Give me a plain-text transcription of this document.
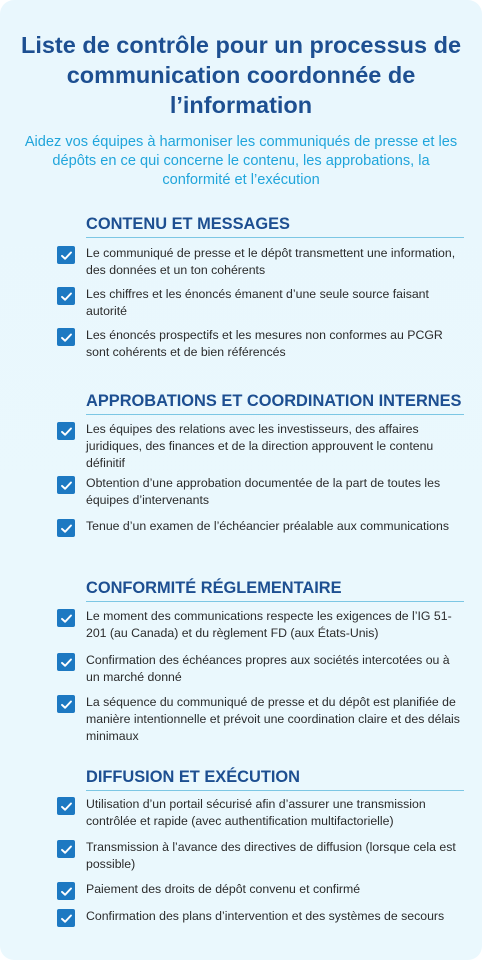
Liste de contrôle pour un processus de communication coordonnée de l’information

Aidez vos équipes à harmoniser les communiqués de presse et les dépôts en ce qui concerne le contenu, les approbations, la conformité et l’exécution

CONTENU ET MESSAGES
Le communiqué de presse et le dépôt transmettent une information, des données et un ton cohérents
Les chiffres et les énoncés émanent d’une seule source faisant autorité
Les énoncés prospectifs et les mesures non conformes au PCGR sont cohérents et de bien référencés
APPROBATIONS ET COORDINATION INTERNES
Les équipes des relations avec les investisseurs, des affaires juridiques, des finances et de la direction approuvent le contenu définitif
Obtention d’une approbation documentée de la part de toutes les équipes d’intervenants
Tenue d’un examen de l’échéancier préalable aux communications
CONFORMITÉ RÉGLEMENTAIRE
Le moment des communications respecte les exigences de l’IG 51-201 (au Canada) et du règlement FD (aux États-Unis)
Confirmation des échéances propres aux sociétés intercotées ou à un marché donné
La séquence du communiqué de presse et du dépôt est planifiée de manière intentionnelle et prévoit une coordination claire et des délais minimaux
DIFFUSION ET EXÉCUTION
Utilisation d’un portail sécurisé afin d’assurer une transmission contrôlée et rapide (avec authentification multifactorielle)
Transmission à l’avance des directives de diffusion (lorsque cela est possible)
Paiement des droits de dépôt convenu et confirmé
Confirmation des plans d’intervention et des systèmes de secours
